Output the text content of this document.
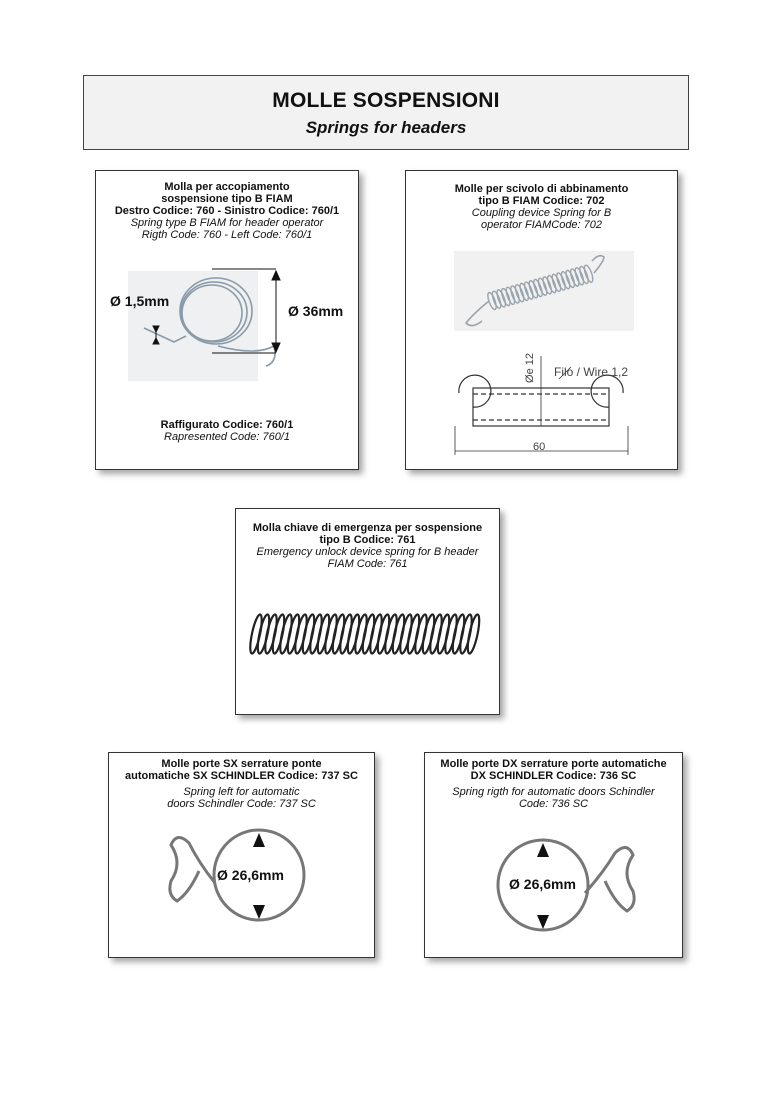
MOLLE SOSPENSIONI
Springs for headers
Molla per accopiamento
sospensione tipo B FIAM
Destro Codice: 760 - Sinistro Codice: 760/1
Spring type B FIAM for header operator
Rigth Code: 760 - Left Code: 760/1
Ø 1,5mm
Ø 36mm
Raffigurato Codice: 760/1
Rapresented Code: 760/1
Molle per scivolo di abbinamento
tipo B FIAM Codice: 702
Coupling device Spring for B
operator FIAMCode: 702
Øe 12 Filo / Wire 1,2
60
Molla chiave di emergenza per sospensione
tipo B Codice: 761
Emergency unlock device spring for B header
FIAM Code: 761
Molle porte SX serrature ponte
automatiche SX SCHINDLER Codice: 737 SC
Spring left for automatic
doors Schindler Code: 737 SC
Ø 26,6mm
Molle porte DX serrature porte automatiche
DX SCHINDLER Codice: 736 SC
Spring rigth for automatic doors Schindler
Code: 736 SC
Ø 26,6mm
